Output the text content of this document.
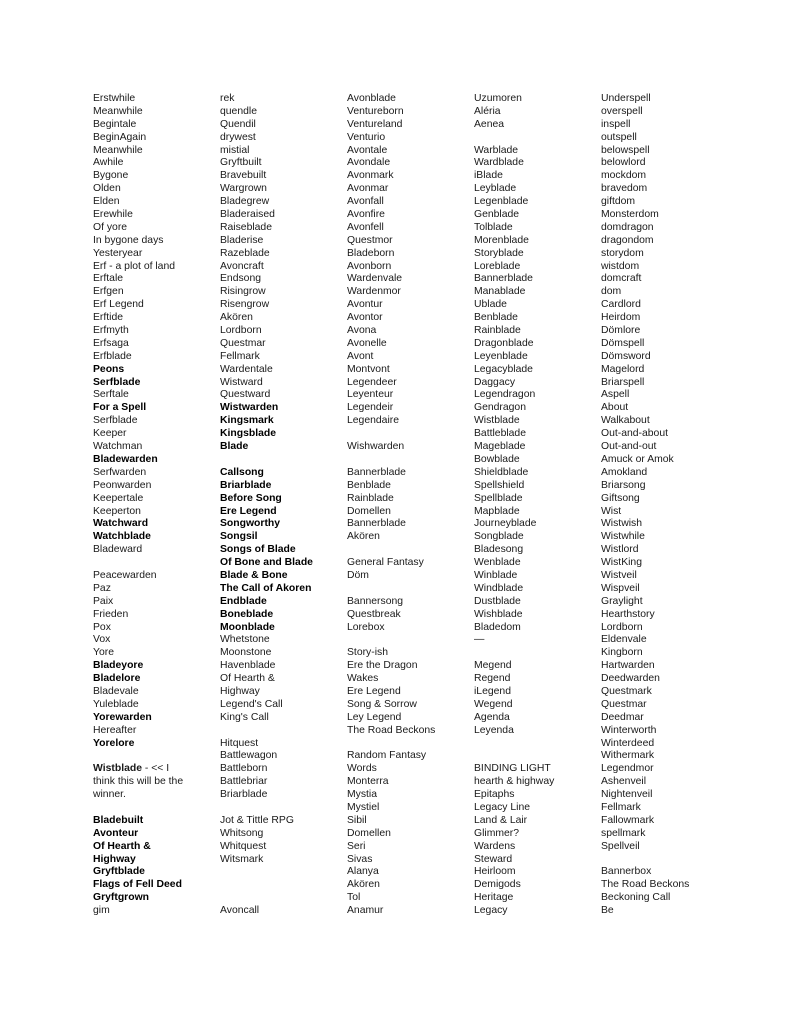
Erstwhile
Meanwhile
Begintale
BeginAgain
Meanwhile
Awhile
Bygone
Olden
Elden
Erewhile
Of yore
In bygone days
Yesteryear
Erf - a plot of land
Erftale
Erfgen
Erf Legend
Erftide
Erfmyth
Erfsaga
Erfblade
Peons
Serfblade
Serftale
For a Spell
Serfblade
Keeper
Watchman
Bladewarden
Serfwarden
Peonwarden
Keepertale
Keeperton
Watchward
Watchblade
Bladeward
Peacewarden
Paz
Paix
Frieden
Pox
Vox
Yore
Bladeyore
Bladelore
Bladevale
Yuleblade
Yorewarden
Hereafter
Yorelore
Wistblade - << I
think this will be the
winner.
Bladebuilt
Avonteur
Of Hearth &
Highway
Gryftblade
Flags of Fell Deed
Gryftgrown
gim
rek
quendle
Quendil
drywest
mistial
Gryftbuilt
Bravebuilt
Wargrown
Bladegrew
Bladeraised
Raiseblade
Bladerise
Razeblade
Avoncraft
Endsong
Risingrow
Risengrow
Akören
Lordborn
Questmar
Fellmark
Wardentale
Wistward
Questward
Wistwarden
Kingsmark
Kingsblade
Blade
Callsong
Briarblade
Before Song
Ere Legend
Songworthy
Songsil
Songs of Blade
Of Bone and Blade
Blade & Bone
The Call of Akoren
Endblade
Boneblade
Moonblade
Whetstone
Moonstone
Havenblade
Of Hearth &
Highway
Legend's Call
King's Call
Hitquest
Battlewagon
Battleborn
Battlebriar
Briarblade
Jot & Tittle RPG
Whitsong
Whitquest
Witsmark
Avoncall
Avonblade
Ventureborn
Ventureland
Venturio
Avontale
Avondale
Avonmark
Avonmar
Avonfall
Avonfire
Avonfell
Questmor
Bladeborn
Avonborn
Wardenvale
Wardenmor
Avontur
Avontor
Avona
Avonelle
Avont
Montvont
Legendeer
Leyenteur
Legendeir
Legendaire
Wishwarden
Bannerblade
Benblade
Rainblade
Domellen
Bannerblade
Akören
General Fantasy
Döm
Bannersong
Questbreak
Lorebox
Story-ish
Ere the Dragon
Wakes
Ere Legend
Song & Sorrow
Ley Legend
The Road Beckons
Random Fantasy
Words
Monterra
Mystia
Mystiel
Sibil
Domellen
Seri
Sivas
Alanya
Akören
Tol
Anamur
Uzumoren
Aléria
Aenea
Warblade
Wardblade
iBlade
Leyblade
Legenblade
Genblade
Tolblade
Morenblade
Storyblade
Loreblade
Bannerblade
Manablade
Ublade
Benblade
Rainblade
Dragonblade
Leyenblade
Legacyblade
Daggacy
Legendragon
Gendragon
Wistblade
Battleblade
Mageblade
Bowblade
Shieldblade
Spellshield
Spellblade
Mapblade
Journeyblade
Songblade
Bladesong
Wenblade
Winblade
Windblade
Dustblade
Wishblade
Bladedom
—
Megend
Regend
iLegend
Wegend
Agenda
Leyenda
BINDING LIGHT
hearth & highway
Epitaphs
Legacy Line
Land & Lair
Glimmer?
Wardens
Steward
Heirloom
Demigods
Heritage
Legacy
Underspell
overspell
inspell
outspell
belowspell
belowlord
mockdom
bravedom
giftdom
Monsterdom
domdragon
dragondom
storydom
wistdom
domcraft
dom
Cardlord
Heirdom
Dömlore
Dömspell
Dömsword
Magelord
Briarspell
Aspell
About
Walkabout
Out-and-about
Out-and-out
Amuck or Amok
Amokland
Briarsong
Giftsong
Wist
Wistwish
Wistwhile
Wistlord
WistKing
Wistveil
Wispveil
Graylight
Hearthstory
Lordborn
Eldenvale
Kingborn
Hartwarden
Deedwarden
Questmark
Questmar
Deedmar
Winterworth
Winterdeed
Withermark
Legendmor
Ashenveil
Nightenveil
Fellmark
Fallowmark
spellmark
Spellveil
Bannerbox
The Road Beckons
Beckoning Call
Be
